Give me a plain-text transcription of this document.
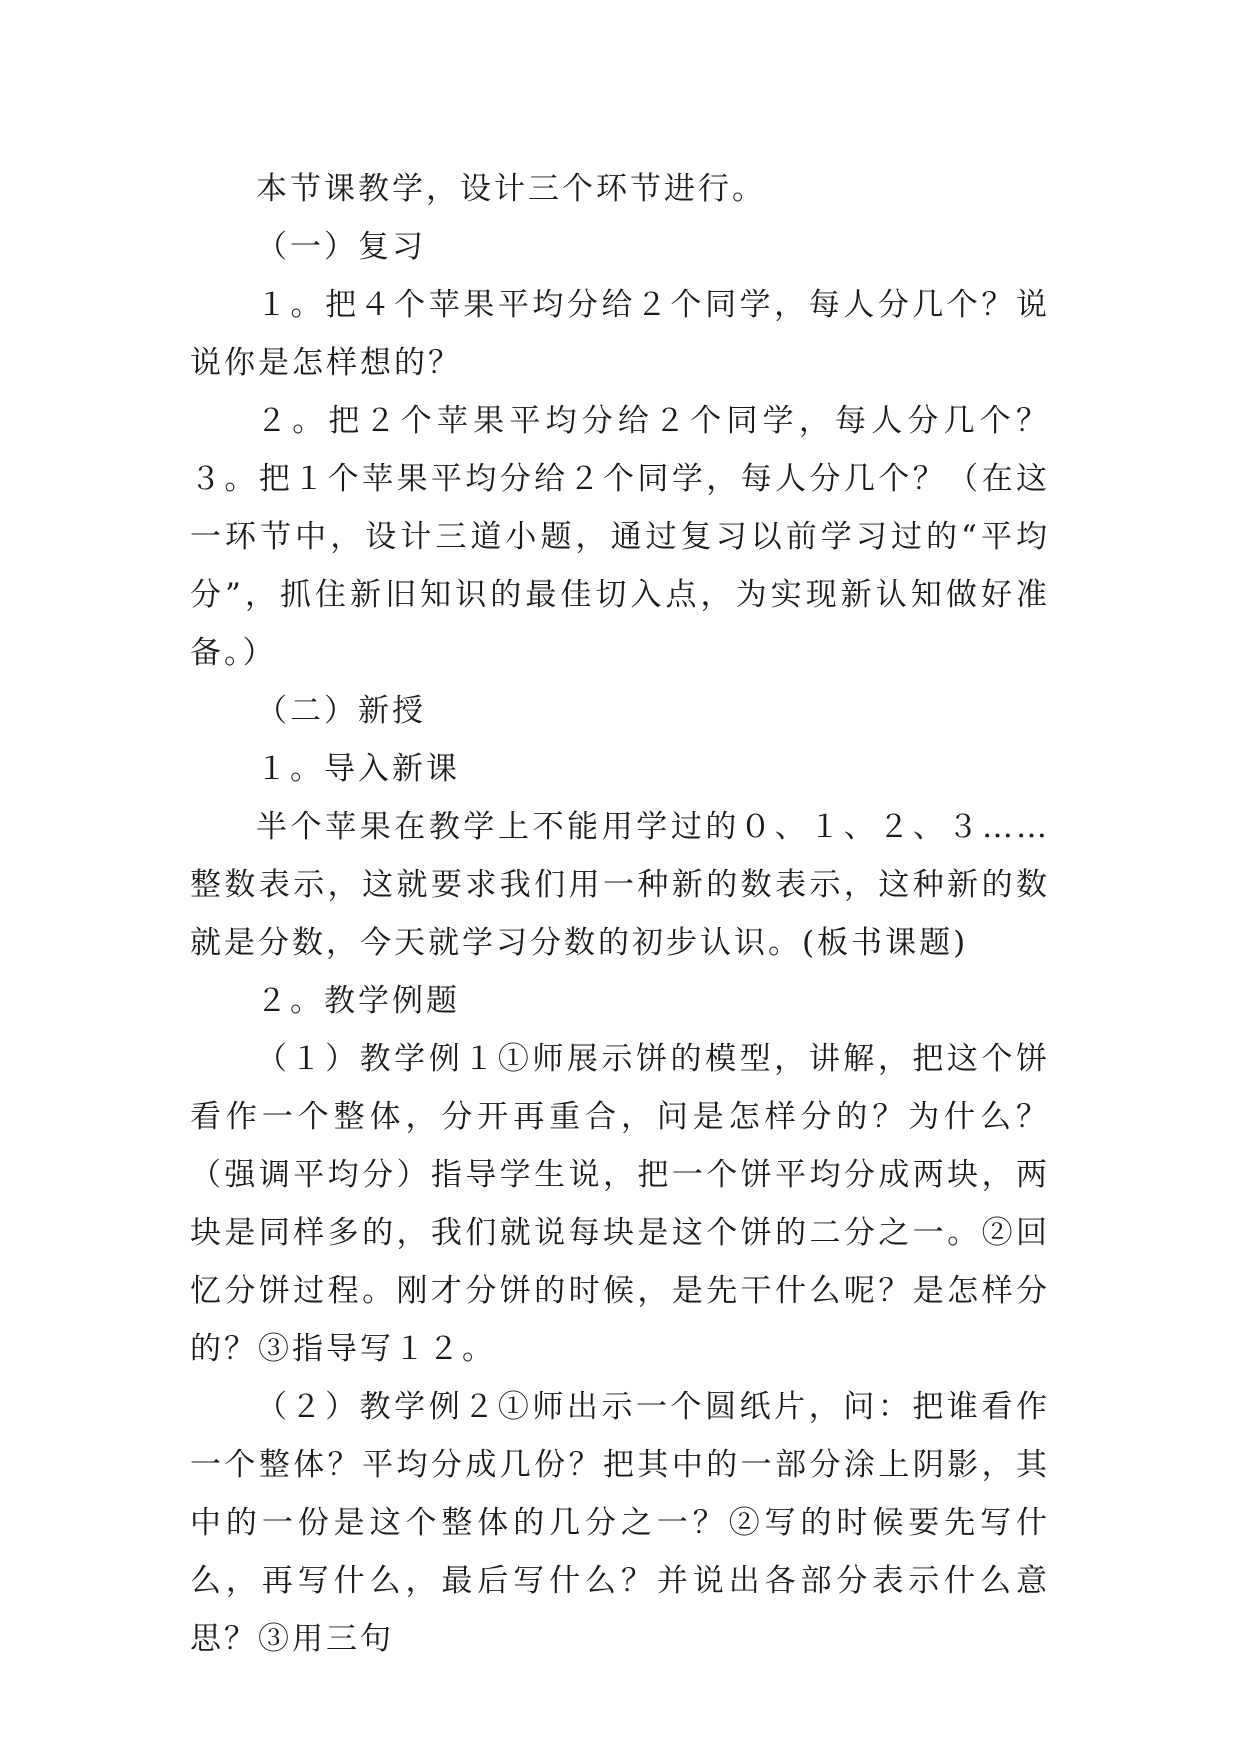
本节课教学，设计三个环节进行。

（一）复习

１。把４个苹果平均分给２个同学，每人分几个？说说你是怎样想的？

２。把２个苹果平均分给２个同学，每人分几个？３。把１个苹果平均分给２个同学，每人分几个？（在这一环节中，设计三道小题，通过复习以前学习过的“平均分”，抓住新旧知识的最佳切入点，为实现新认知做好准备。）

（二）新授

１。导入新课

半个苹果在教学上不能用学过的０、１、２、３……整数表示，这就要求我们用一种新的数表示，这种新的数就是分数，今天就学习分数的初步认识。(板书课题)

２。教学例题

（１）教学例１①师展示饼的模型，讲解，把这个饼看作一个整体，分开再重合，问是怎样分的？为什么？（强调平均分）指导学生说，把一个饼平均分成两块，两块是同样多的，我们就说每块是这个饼的二分之一。②回忆分饼过程。刚才分饼的时候，是先干什么呢？是怎样分的？③指导写１２。

（２）教学例２①师出示一个圆纸片，问：把谁看作一个整体？平均分成几份？把其中的一部分涂上阴影，其中的一份是这个整体的几分之一？②写的时候要先写什么，再写什么，最后写什么？并说出各部分表示什么意思？③用三句
